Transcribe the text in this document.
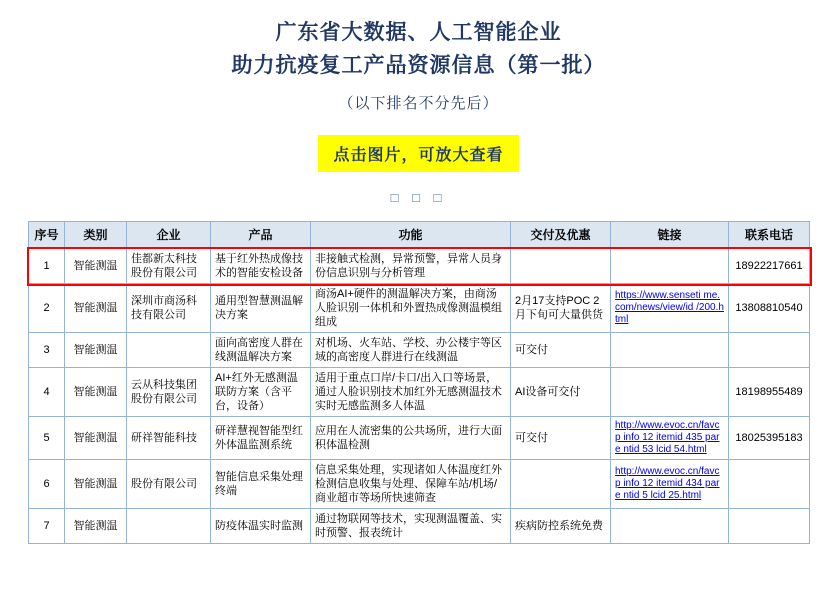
广东省大数据、人工智能企业
助力抗疫复工产品资源信息（第一批）
（以下排名不分先后）
点击图片，可放大查看
□ □ □
序号	类别	企业	产品	功能	交付及优惠	链接	联系电话
1	智能测温	佳都新太科技股份有限公司	基于红外热成像技术的智能安检设备	非接触式检测，异常预警，异常人员身份信息识别与分析管理			18922217661
2	智能测温	深圳市商汤科技有限公司	通用型智慧测温解决方案	商汤AI+硬件的测温解决方案，由商汤人脸识别一体机和外置热成像测温模组组成	2月17支持POC 2月下旬可大量供货	https://www.senseti me.com/news/view/id /200.html	13808810540
3	智能测温		面向高密度人群在线测温解决方案	对机场、火车站、学校、办公楼宇等区域的高密度人群进行在线测温	可交付		
4	智能测温	云从科技集团股份有限公司	AI+红外无感测温联防方案（含平台，设备）	适用于重点口岸/卡口/出入口等场景，通过人脸识别技术加红外无感测温技术实时无感监测多人体温	AI设备可交付		18198955489
5	智能测温	研祥智能科技	研祥慧视智能型红外体温监测系统	应用在人流密集的公共场所，进行大面积体温检测	可交付	http://www.evoc.cn/favcp info 12 itemid 435 pare ntid 53 lcid 54.html	18025395183
6	智能测温	股份有限公司	智能信息采集处理终端	信息采集处理，实现诸如人体温度红外检测信息收集与处理、保障车站/机场/商业超市等场所快速筛查		http://www.evoc.cn/favcp info 12 itemid 434 pare ntid 5 lcid 25.html	

7	智能测温		防疫体温实时监测	通过物联网等技术，实现测温覆盖、实时预警、报表统计	疾病防控系统免费		
